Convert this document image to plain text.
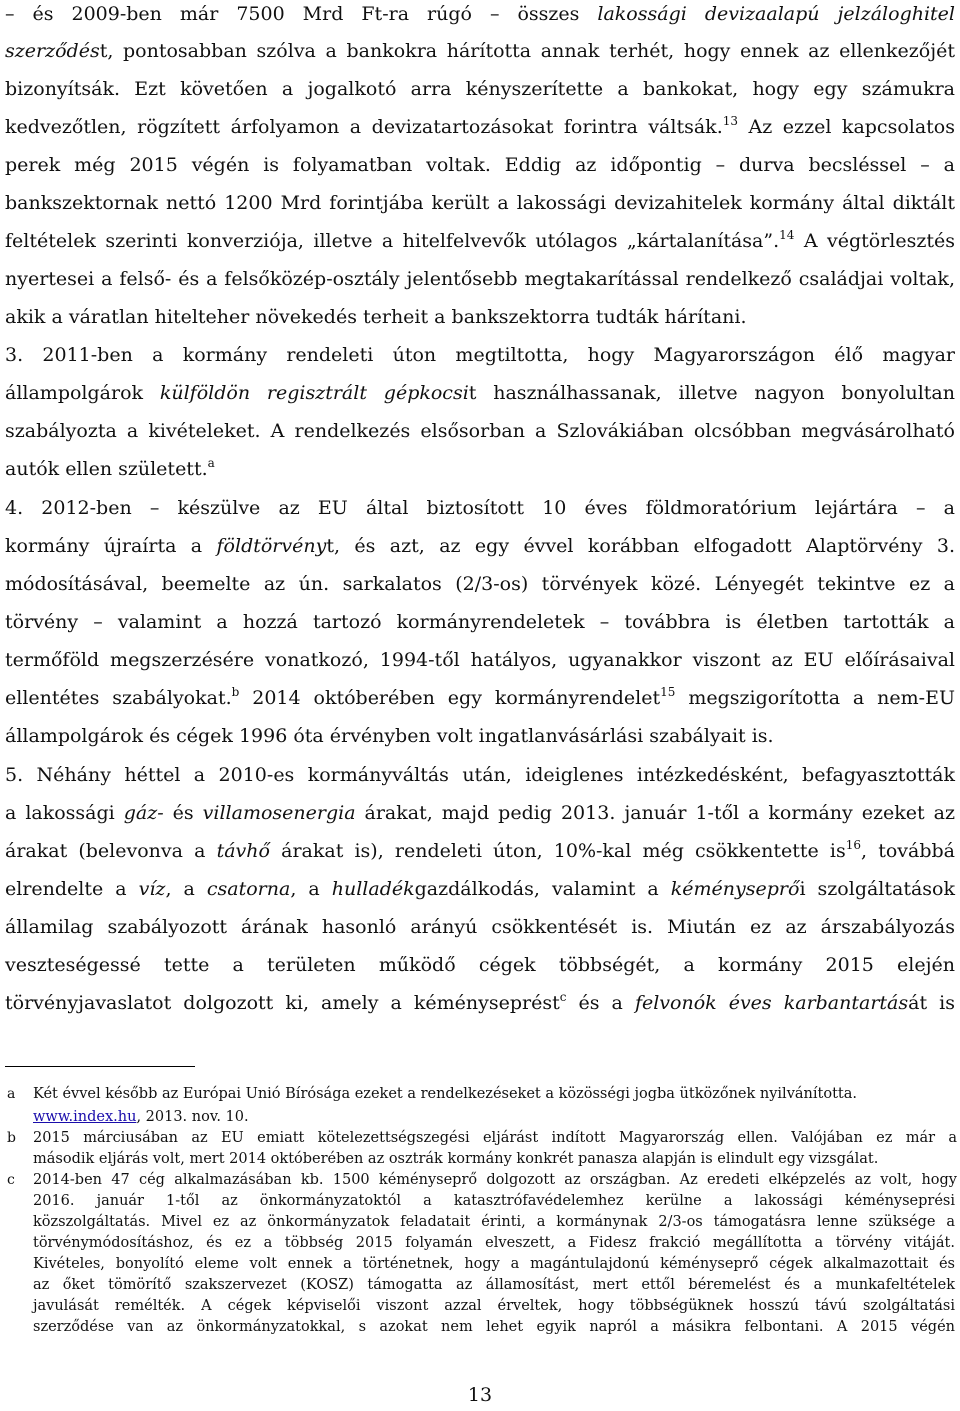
– és 2009-ben már 7500 Mrd Ft-ra rúgó – összes lakossági devizaalapú jelzáloghitel
szerződést, pontosabban szólva a bankokra hárította annak terhét, hogy ennek az ellenkezőjét
bizonyítsák. Ezt követően a jogalkotó arra kényszerítette a bankokat, hogy egy számukra
kedvezőtlen, rögzített árfolyamon a devizatartozásokat forintra váltsák.$^{13}$ Az ezzel kapcsolatos
perek még 2015 végén is folyamatban voltak. Eddig az időpontig – durva becsléssel – a
bankszektornak nettó 1200 Mrd forintjába került a lakossági devizahitelek kormány által diktált
feltételek szerinti konverziója, illetve a hitelfelvevők utólagos „kártalanítása”.$^{14}$ A végtörlesztés
nyertesei a felső- és a felsőközép-osztály jelentősebb megtakarítással rendelkező családjai voltak,
akik a váratlan hitelteher növekedés terheit a bankszektorra tudták hárítani.
3. 2011-ben a kormány rendeleti úton megtiltotta, hogy Magyarországon élő magyar
állampolgárok külföldön regisztrált gépkocsit használhassanak, illetve nagyon bonyolultan
szabályozta a kivételeket. A rendelkezés elsősorban a Szlovákiában olcsóbban megvásárolható
autók ellen született.$^a$
4. 2012-ben – készülve az EU által biztosított 10 éves földmoratórium lejártára – a
kormány újraírta a földtörvényt, és azt, az egy évvel korábban elfogadott Alaptörvény 3.
módosításával, beemelte az ún. sarkalatos (2/3-os) törvények közé. Lényegét tekintve ez a
törvény – valamint a hozzá tartozó kormányrendeletek – továbbra is életben tartották a
termőföld megszerzésére vonatkozó, 1994-től hatályos, ugyanakkor viszont az EU előírásaival
ellentétes szabályokat.$^b$ 2014 októberében egy kormányrendelet$^{15}$ megszigorította a nem-EU
állampolgárok és cégek 1996 óta érvényben volt ingatlanvásárlási szabályait is.
5. Néhány héttel a 2010-es kormányváltás után, ideiglenes intézkedésként, befagyasztották
a lakossági gáz- és villamosenergia árakat, majd pedig 2013. január 1-től a kormány ezeket az
árakat (belevonva a távhő árakat is), rendeleti úton, 10%-kal még csökkentette $is^{16}$, továbbá
elrendelte a víz, a csatorna, a hulladékgazdálkodás, valamint a kéményseprői szolgáltatások
államilag szabályozott árának hasonló arányú csökkentését is. Miután ez az árszabályozás
veszteségessé tette a területen működő cégek többségét, a kormány 2015 elején
törvényjavaslatot dolgozott ki, amely a kéményseprést$^c$ és a felvonók éves karbantartását is
a Két évvel később az Európai Unió Bírósága ezeket a rendelkezéseket a közösségi jogba ütközőnek nyilvánította.
www.index.hu, 2013. nov. 10.
b 2015 márciusában az EU emiatt kötelezettségszegési eljárást indított Magyarország ellen. Valójában ez már a
második eljárás volt, mert 2014 októberében az osztrák kormány konkrét panasza alapján is elindult egy vizsgálat.
c 2014-ben 47 cég alkalmazásában kb. 1500 kéményseprő dolgozott az országban. Az eredeti elképzelés az volt, hogy
2016. január 1-től az önkormányzatoktól a katasztrófavédelemhez kerülne a lakossági kéményseprési
közszolgáltatás. Mivel ez az önkormányzatok feladatait érinti, a kormánynak 2/3-os támogatásra lenne szüksége a
törvénymódosításhoz, és ez a többség 2015 folyamán elveszett, a Fidesz frakció megállította a törvény vitáját.
Kivételes, bonyolító eleme volt ennek a történetnek, hogy a magántulajdonú kéményseprő cégek alkalmazottait és
az őket tömörítő szakszervezet (KOSZ) támogatta az államosítást, mert ettől béremelést és a munkafeltételek
javulását remélték. A cégek képviselői viszont azzal érveltek, hogy többségüknek hosszú távú szolgáltatási
szerződése van az önkormányzatokkal, s azokat nem lehet egyik napról a másikra felbontani. A 2015 végén
13
